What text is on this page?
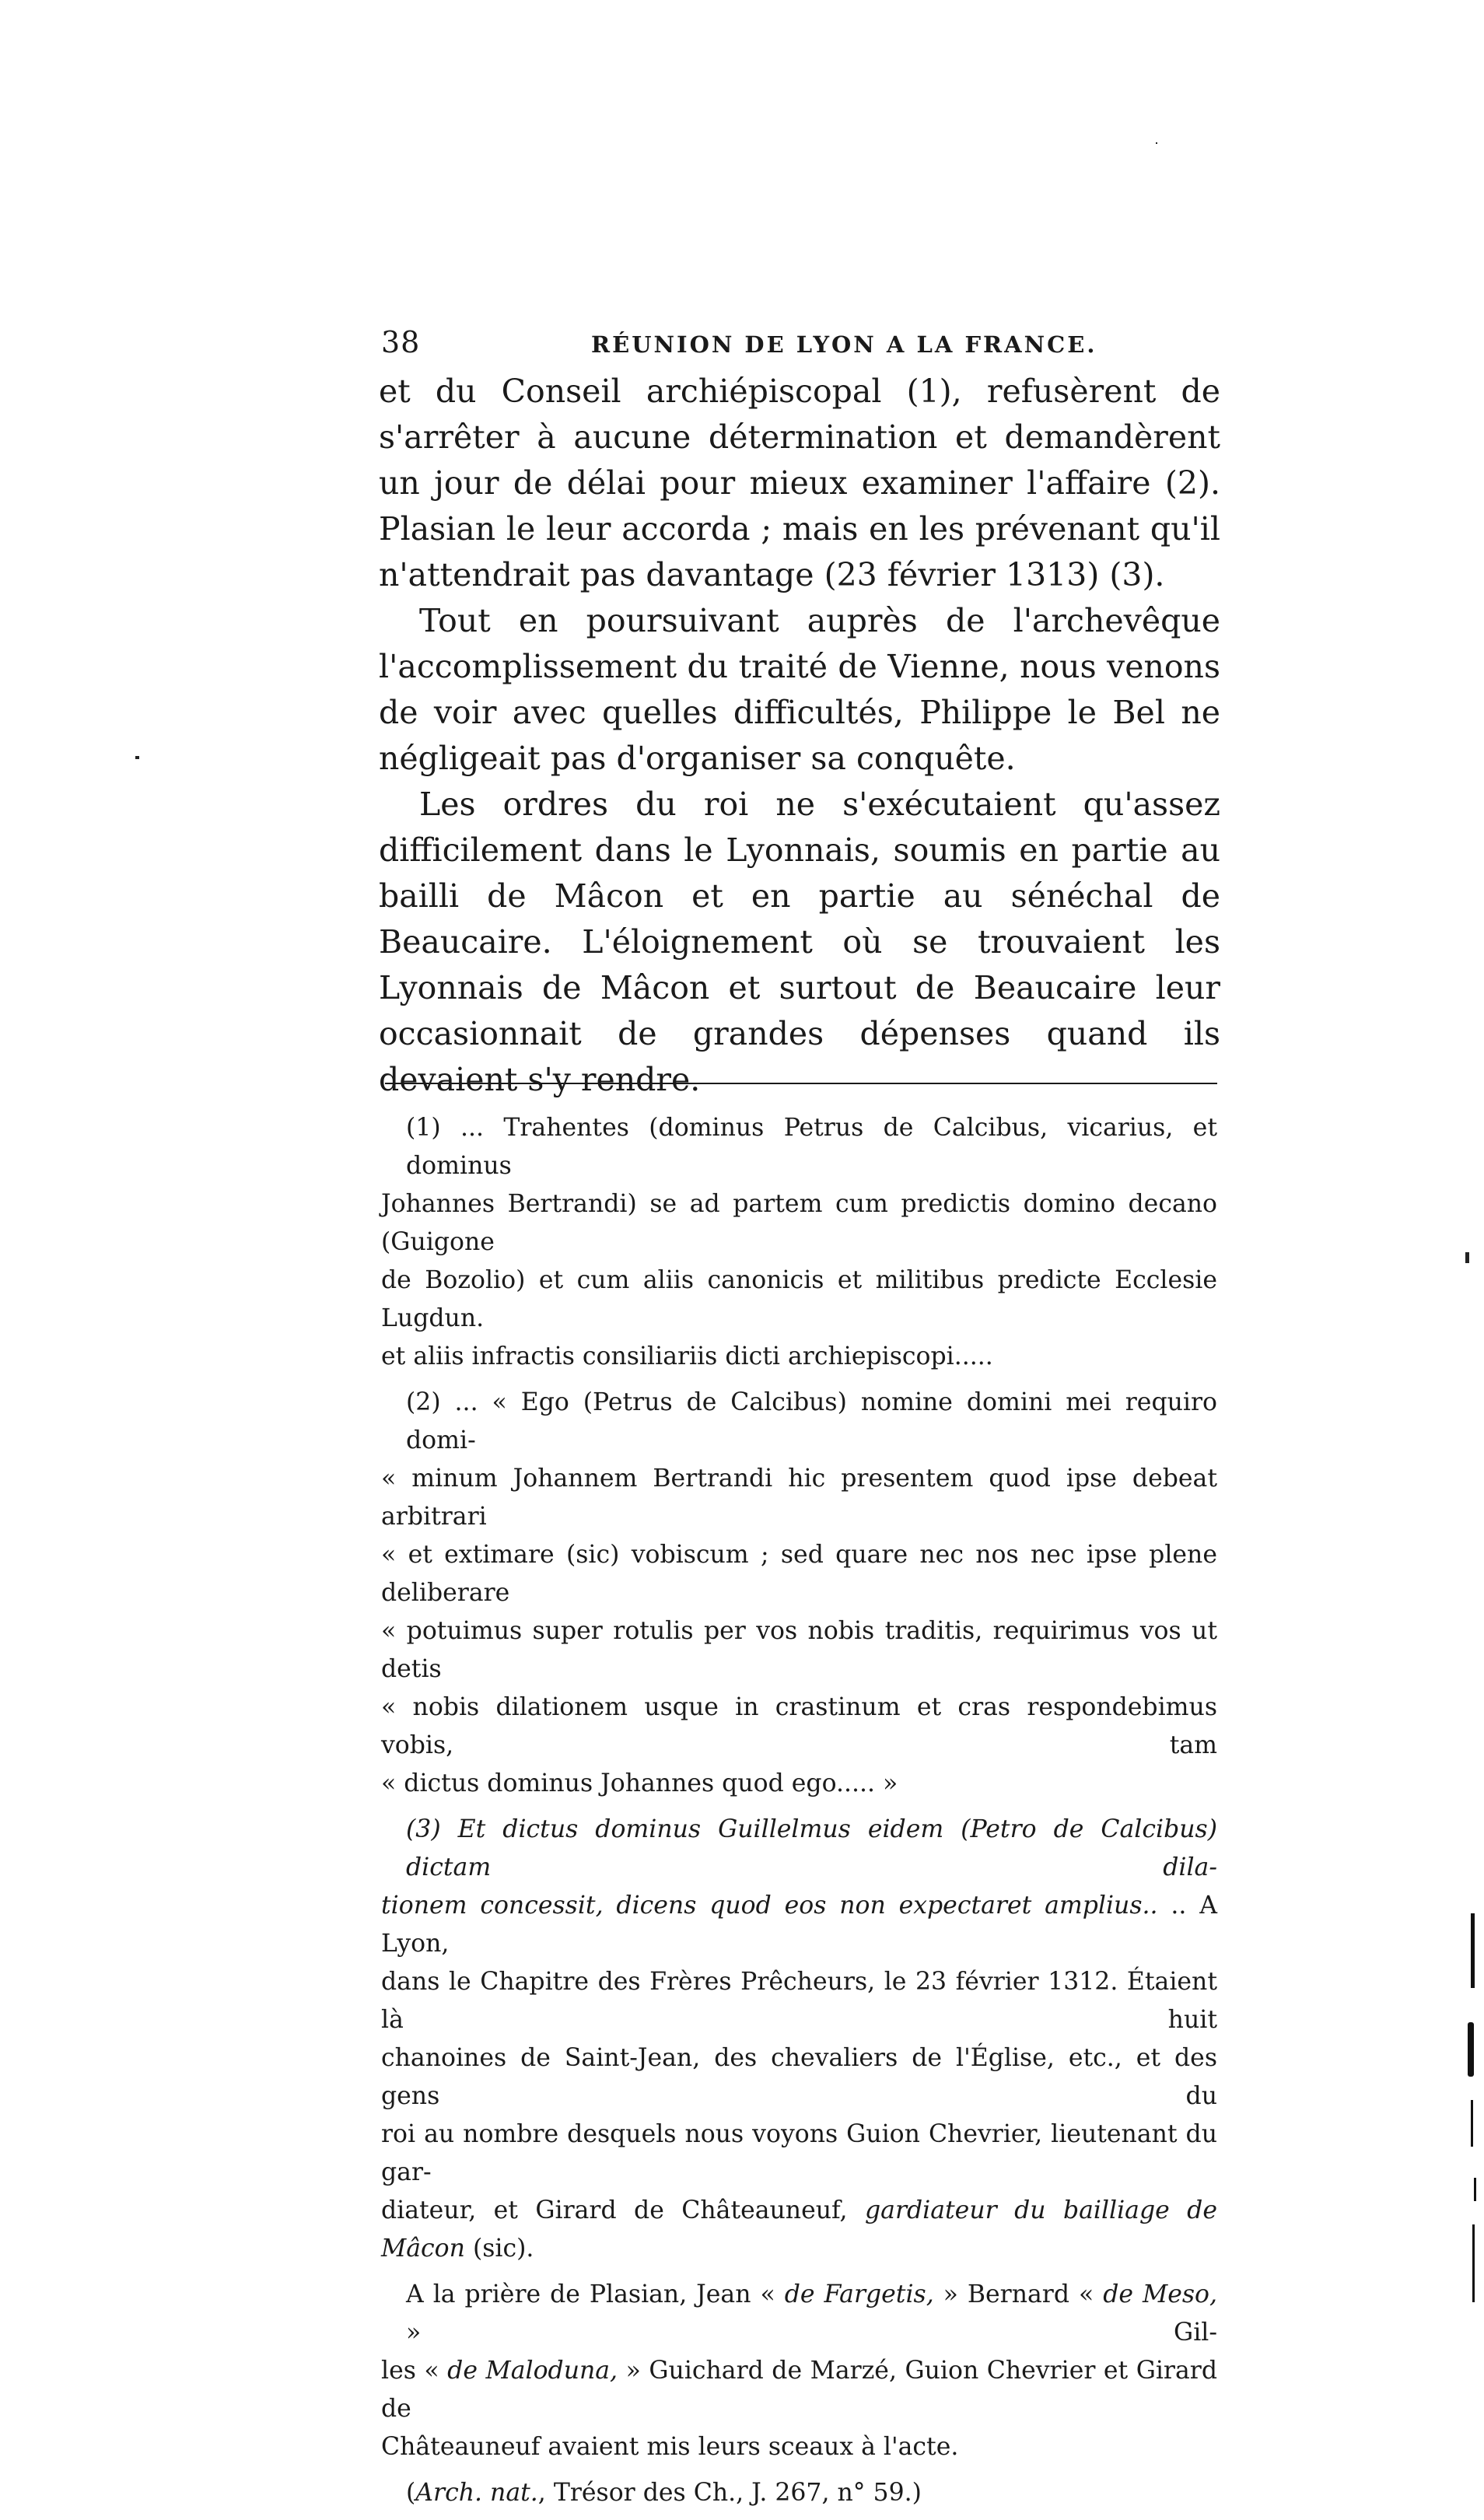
38	RÉUNION DE LYON A LA FRANCE.

et du Conseil archiépiscopal (1), refusèrent de s'arrêter à aucune détermination et demandèrent un jour de délai pour mieux examiner l'affaire (2). Plasian le leur accorda ; mais en les prévenant qu'il n'attendrait pas davantage (23 février 1313) (3).

Tout en poursuivant auprès de l'archevêque l'accomplissement du traité de Vienne, nous venons de voir avec quelles difficultés, Philippe le Bel ne négligeait pas d'organiser sa conquête.

Les ordres du roi ne s'exécutaient qu'assez difficilement dans le Lyonnais, soumis en partie au bailli de Mâcon et en partie au sénéchal de Beaucaire. L'éloignement où se trouvaient les Lyonnais de Mâcon et surtout de Beaucaire leur occasionnait de grandes dépenses quand ils devaient s'y rendre.

(1) ... Trahentes (dominus Petrus de Calcibus, vicarius, et dominus
Johannes Bertrandi) se ad partem cum predictis domino decano (Guigone
de Bozolio) et cum aliis canonicis et militibus predicte Ecclesie Lugdun.
et aliis infractis consiliariis dicti archiepiscopi.....
(2) ... « Ego (Petrus de Calcibus) nomine domini mei requiro domi-
« minum Johannem Bertrandi hic presentem quod ipse debeat arbitrari
« et extimare (sic) vobiscum ; sed quare nec nos nec ipse plene deliberare
« potuimus super rotulis per vos nobis traditis, requirimus vos ut detis
« nobis dilationem usque in crastinum et cras respondebimus vobis, tam
« dictus dominus Johannes quod ego..... »
(3) Et dictus dominus Guillelmus eidem (Petro de Calcibus) dictam dila-
tionem concessit, dicens quod eos non expectaret amplius.. .. A Lyon,
dans le Chapitre des Frères Prêcheurs, le 23 février 1312. Étaient là huit
chanoines de Saint-Jean, des chevaliers de l'Église, etc., et des gens du
roi au nombre desquels nous voyons Guion Chevrier, lieutenant du gar-
diateur, et Girard de Châteauneuf, gardiateur du bailliage de Mâcon (sic).
A la prière de Plasian, Jean « de Fargetis, » Bernard « de Meso, » Gil-
les « de Maloduna, » Guichard de Marzé, Guion Chevrier et Girard de
Châteauneuf avaient mis leurs sceaux à l'acte.
(Arch. nat., Trésor des Ch., J. 267, n° 59.)
